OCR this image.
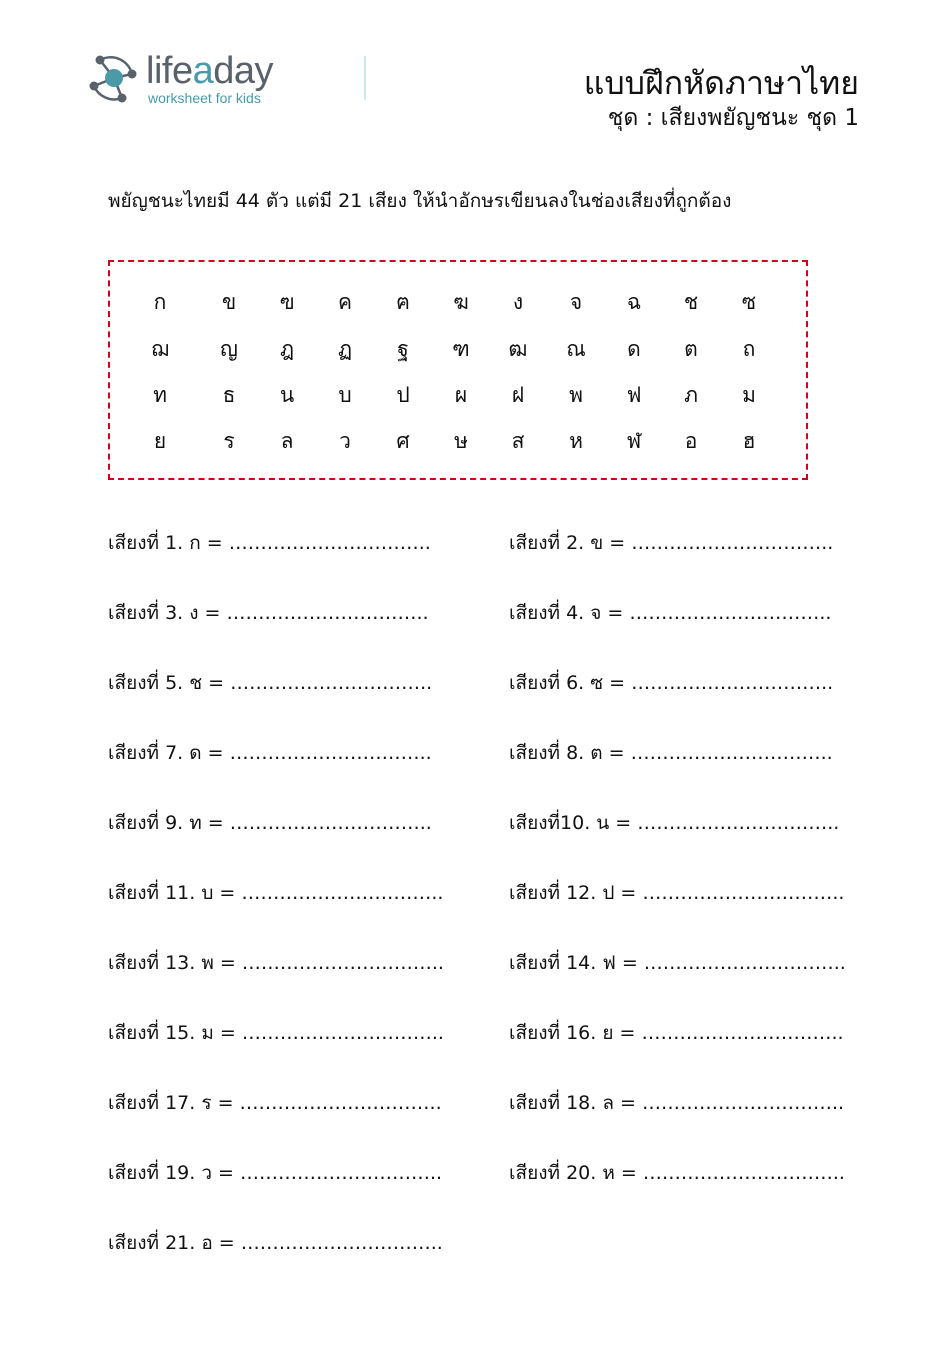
lifeaday
worksheet for kids	แบบฝึกหัดภาษาไทย
ชุด : เสียงพยัญชนะ ชุด 1
พยัญชนะไทยมี 44 ตัว แต่มี 21 เสียง ให้นำอักษรเขียนลงในช่องเสียงที่ถูกต้อง
ก	ข	ฃ	ค	ฅ	ฆ	ง	จ	ฉ	ช	ซ
ฌ	ญ	ฎ	ฏ	ฐ	ฑ	ฒ	ณ	ด	ต	ถ
ท	ธ	น	บ	ป	ผ	ฝ	พ	ฟ	ภ	ม
ย	ร	ล	ว	ศ	ษ	ส	ห	ฬ	อ	ฮ
เสียงที่ 1. ก = …………………………..	เสียงที่ 2. ข = …………………………..
เสียงที่ 3. ง = …………………………..	เสียงที่ 4. จ = …………………………..
เสียงที่ 5. ช = …………………………..	เสียงที่ 6. ซ = …………………………..
เสียงที่ 7. ด = …………………………..	เสียงที่ 8. ต = …………………………..
เสียงที่ 9. ท = …………………………..	เสียงที่10. น = …………………………..
เสียงที่ 11. บ = …………………………..	เสียงที่ 12. ป = …………………………..
เสียงที่ 13. พ = …………………………..	เสียงที่ 14. ฟ = …………………………..
เสียงที่ 15. ม = …………………………..	เสียงที่ 16. ย = …………………………..
เสียงที่ 17. ร = …………………………..	เสียงที่ 18. ล = …………………………..
เสียงที่ 19. ว = …………………………..	เสียงที่ 20. ห = …………………………..
เสียงที่ 21. อ = …………………………..
